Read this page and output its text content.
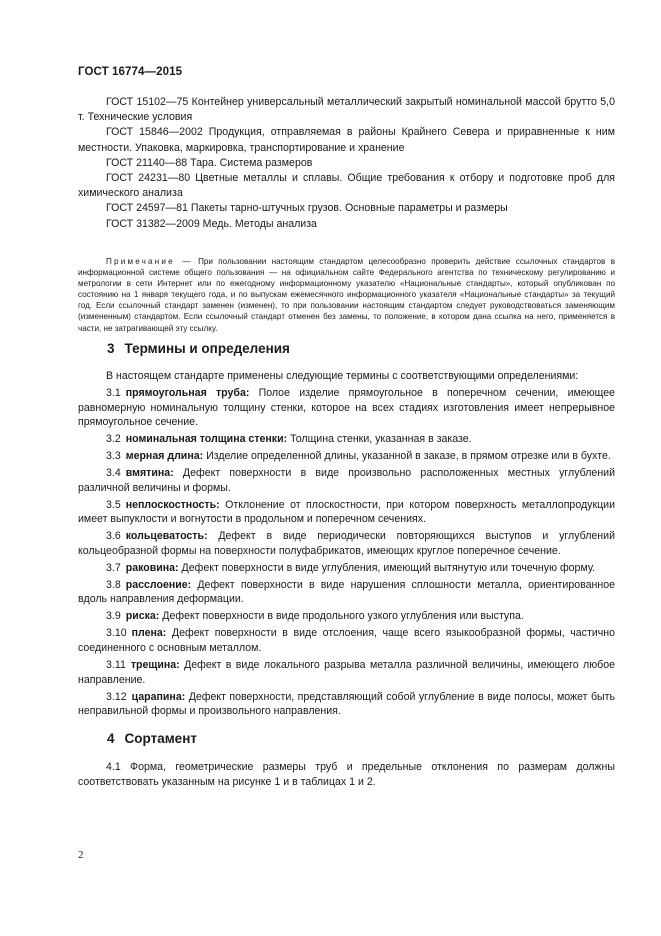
ГОСТ 16774—2015
ГОСТ 15102—75 Контейнер универсальный металлический закрытый номинальной массой брутто 5,0 т. Технические условия
ГОСТ 15846—2002 Продукция, отправляемая в районы Крайнего Севера и приравненные к ним местности. Упаковка, маркировка, транспортирование и хранение
ГОСТ 21140—88 Тара. Система размеров
ГОСТ 24231—80 Цветные металлы и сплавы. Общие требования к отбору и подготовке проб для химического анализа
ГОСТ 24597—81 Пакеты тарно-штучных грузов. Основные параметры и размеры
ГОСТ 31382—2009 Медь. Методы анализа
Примечание — При пользовании настоящим стандартом целесообразно проверить действие ссылочных стандартов в информационной системе общего пользования — на официальном сайте Федерального агентства по техническому регулированию и метрологии в сети Интернет или по ежегодному информационному указателю «Национальные стандарты», который опубликован по состоянию на 1 января текущего года, и по выпускам ежемесячного информационного указателя «Национальные стандарты» за текущий год. Если ссылочный стандарт заменен (изменен), то при пользовании настоящим стандартом следует руководствоваться заменяющим (измененным) стандартом. Если ссылочный стандарт отменен без замены, то положение, в котором дана ссылка на него, применяется в части, не затрагивающей эту ссылку.
3 Термины и определения
В настоящем стандарте применены следующие термины с соответствующими определениями:
3.1 прямоугольная труба: Полое изделие прямоугольное в поперечном сечении, имеющее равномерную номинальную толщину стенки, которое на всех стадиях изготовления имеет непрерывное прямоугольное сечение.
3.2 номинальная толщина стенки: Толщина стенки, указанная в заказе.
3.3 мерная длина: Изделие определенной длины, указанной в заказе, в прямом отрезке или в бухте.
3.4 вмятина: Дефект поверхности в виде произвольно расположенных местных углублений различной величины и формы.
3.5 неплоскостность: Отклонение от плоскостности, при котором поверхность металлопродукции имеет выпуклости и вогнутости в продольном и поперечном сечениях.
3.6 кольцеватость: Дефект в виде периодически повторяющихся выступов и углублений кольцеобразной формы на поверхности полуфабрикатов, имеющих круглое поперечное сечение.
3.7 раковина: Дефект поверхности в виде углубления, имеющий вытянутую или точечную форму.
3.8 расслоение: Дефект поверхности в виде нарушения сплошности металла, ориентированное вдоль направления деформации.
3.9 риска: Дефект поверхности в виде продольного узкого углубления или выступа.
3.10 плена: Дефект поверхности в виде отслоения, чаще всего языкообразной формы, частично соединенного с основным металлом.
3.11 трещина: Дефект в виде локального разрыва металла различной величины, имеющего любое направление.
3.12 царапина: Дефект поверхности, представляющий собой углубление в виде полосы, может быть неправильной формы и произвольного направления.
4 Сортамент
4.1 Форма, геометрические размеры труб и предельные отклонения по размерам должны соответствовать указанным на рисунке 1 и в таблицах 1 и 2.
2
